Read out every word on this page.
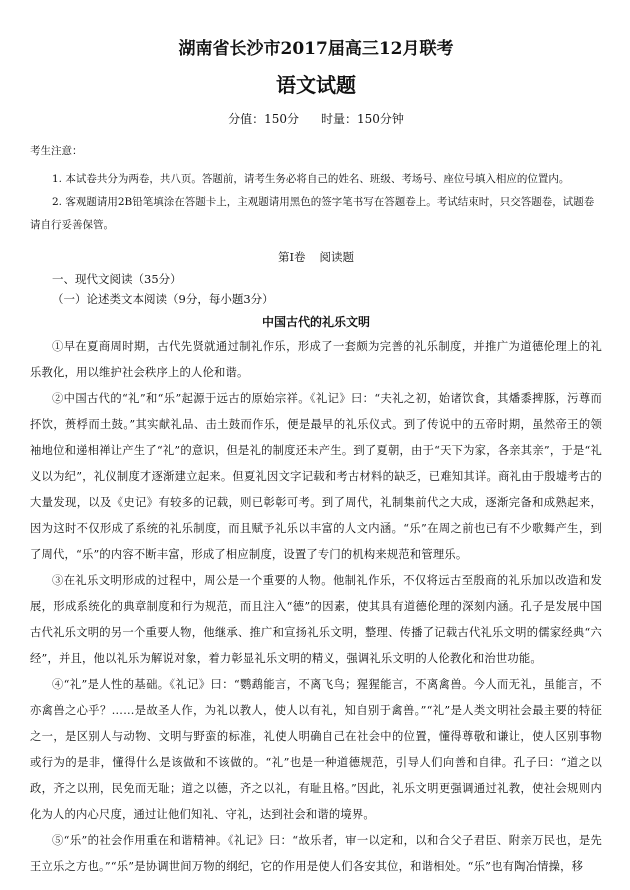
湖南省长沙市2017届高三12月联考
语文试题
分值：150分 时量：150分钟
考生注意：

1. 本试卷共分为两卷，共八页。答题前，请考生务必将自己的姓名、班级、考场号、座位号填入相应的位置内。

2. 客观题请用2B铅笔填涂在答题卡上，主观题请用黑色的签字笔书写在答题卷上。考试结束时，只交答题卷，试题卷请自行妥善保管。

第Ⅰ卷 阅读题
一、现代文阅读（35分）
（一）论述类文本阅读（9分，每小题3分）
中国古代的礼乐文明

①早在夏商周时期，古代先贤就通过制礼作乐，形成了一套颇为完善的礼乐制度，并推广为道德伦理上的礼乐教化，用以维护社会秩序上的人伦和谐。

②中国古代的“礼”和“乐”起源于远古的原始宗祥。《礼记》曰：“夫礼之初，始诸饮食，其燔黍捭豚，污尊而抔饮，蒉桴而土鼓。”其实献礼品、击土鼓而作乐，便是最早的礼乐仪式。到了传说中的五帝时期，虽然帝王的领袖地位和递相禅让产生了“礼”的意识，但是礼的制度还未产生。到了夏朝，由于“天下为家，各亲其亲”，于是“礼义以为纪”，礼仪制度才逐渐建立起来。但夏礼因文字记载和考古材料的缺乏，已难知其详。商礼由于殷墟考古的大量发现，以及《史记》有较多的记载，则已彰彰可考。到了周代，礼制集前代之大成，逐渐完备和成熟起来，因为这时不仅形成了系统的礼乐制度，而且赋予礼乐以丰富的人文内涵。“乐”在周之前也已有不少歌舞产生，到了周代，“乐”的内容不断丰富，形成了相应制度，设置了专门的机构来规范和管理乐。

③在礼乐文明形成的过程中，周公是一个重要的人物。他制礼作乐，不仅将远古至殷商的礼乐加以改造和发展，形成系统化的典章制度和行为规范，而且注入“德”的因素，使其具有道德伦理的深刻内涵。孔子是发展中国古代礼乐文明的另一个重要人物，他继承、推广和宣扬礼乐文明，整理、传播了记载古代礼乐文明的儒家经典“六经”，并且，他以礼乐为解说对象，着力彰显礼乐文明的精义，强调礼乐文明的人伦教化和治世功能。

④“礼”是人性的基础。《礼记》曰：“鹦鹉能言，不离飞鸟；猩猩能言，不离禽兽。今人而无礼，虽能言，不亦禽兽之心乎？……是故圣人作，为礼以教人，使人以有礼，知自别于禽兽。”“礼”是人类文明社会最主要的特征之一，是区别人与动物、文明与野蛮的标准，礼使人明确自己在社会中的位置，懂得尊敬和谦让，使人区别事物或行为的是非，懂得什么是该做和不该做的。“礼”也是一种道德规范，引导人们向善和自律。孔子曰：“道之以政，齐之以刑，民免而无耻；道之以德，齐之以礼，有耻且格。”因此，礼乐文明更强调通过礼教，使社会规则内化为人的内心尺度，通过让他们知礼、守礼，达到社会和谐的境界。

⑤“乐”的社会作用重在和谐精神。《礼记》曰：“故乐者，审一以定和，以和合父子君臣、附亲万民也，是先王立乐之方也。”“乐”是协调世间万物的纲纪，它的作用是使人们各安其位，和谐相处。“乐”也有陶冶情操，移
